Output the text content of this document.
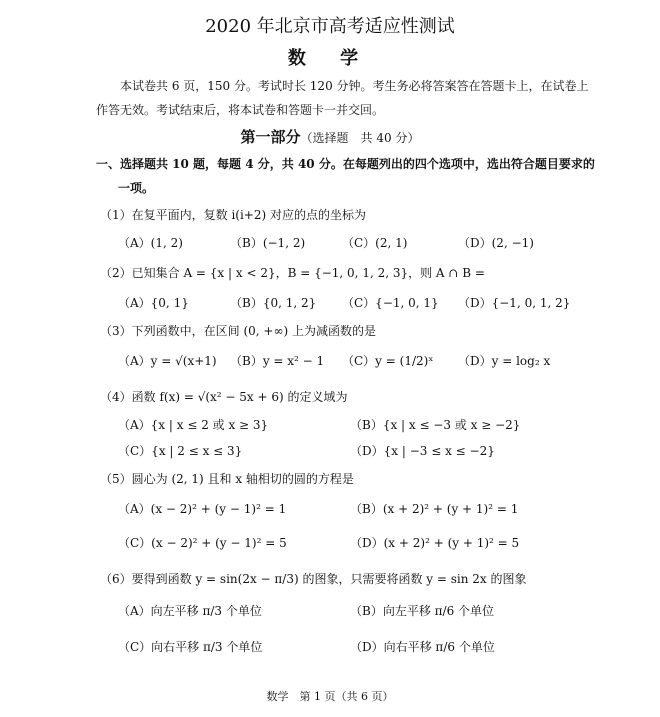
2020 年北京市高考适应性测试
数 学

本试卷共 6 页，150 分。考试时长 120 分钟。考生务必将答案答在答题卡上，在试卷上作答无效。考试结束后，将本试卷和答题卡一并交回。

第一部分（选择题　共 40 分）
一、选择题共 10 题，每题 4 分，共 40 分。在每题列出的四个选项中，选出符合题目要求的
一项。
（1）在复平面内，复数 i(i+2) 对应的点的坐标为
（A）(1, 2)	（B）(−1, 2)	（C）(2, 1)	（D）(2, −1)
（2）已知集合 A = {x | x < 2}，B = {−1, 0, 1, 2, 3}，则 A ∩ B =
（A）{0, 1}	（B）{0, 1, 2} （C）{−1, 0, 1} （D）{−1, 0, 1, 2}
（3）下列函数中，在区间 (0, +∞) 上为减函数的是
（A）y = √(x+1) （B）y = x² − 1 （C）y = (1/2)ˣ （D）y = log₂ x
（4）函数 f(x) = √(x² − 5x + 6) 的定义域为
（A）{x | x ≤ 2 或 x ≥ 3}	（B）{x | x ≤ −3 或 x ≥ −2}
（C）{x | 2 ≤ x ≤ 3}	（D）{x | −3 ≤ x ≤ −2}
（5）圆心为 (2, 1) 且和 x 轴相切的圆的方程是
（A）(x − 2)² + (y − 1)² = 1	（B）(x + 2)² + (y + 1)² = 1
（C）(x − 2)² + (y − 1)² = 5	（D）(x + 2)² + (y + 1)² = 5
（6）要得到函数 y = sin(2x − π/3) 的图象，只需要将函数 y = sin 2x 的图象
（A）向左平移 π/3 个单位	（B）向左平移 π/6 个单位
（C）向右平移 π/3 个单位	（D）向右平移 π/6 个单位
数学　第 1 页（共 6 页）
